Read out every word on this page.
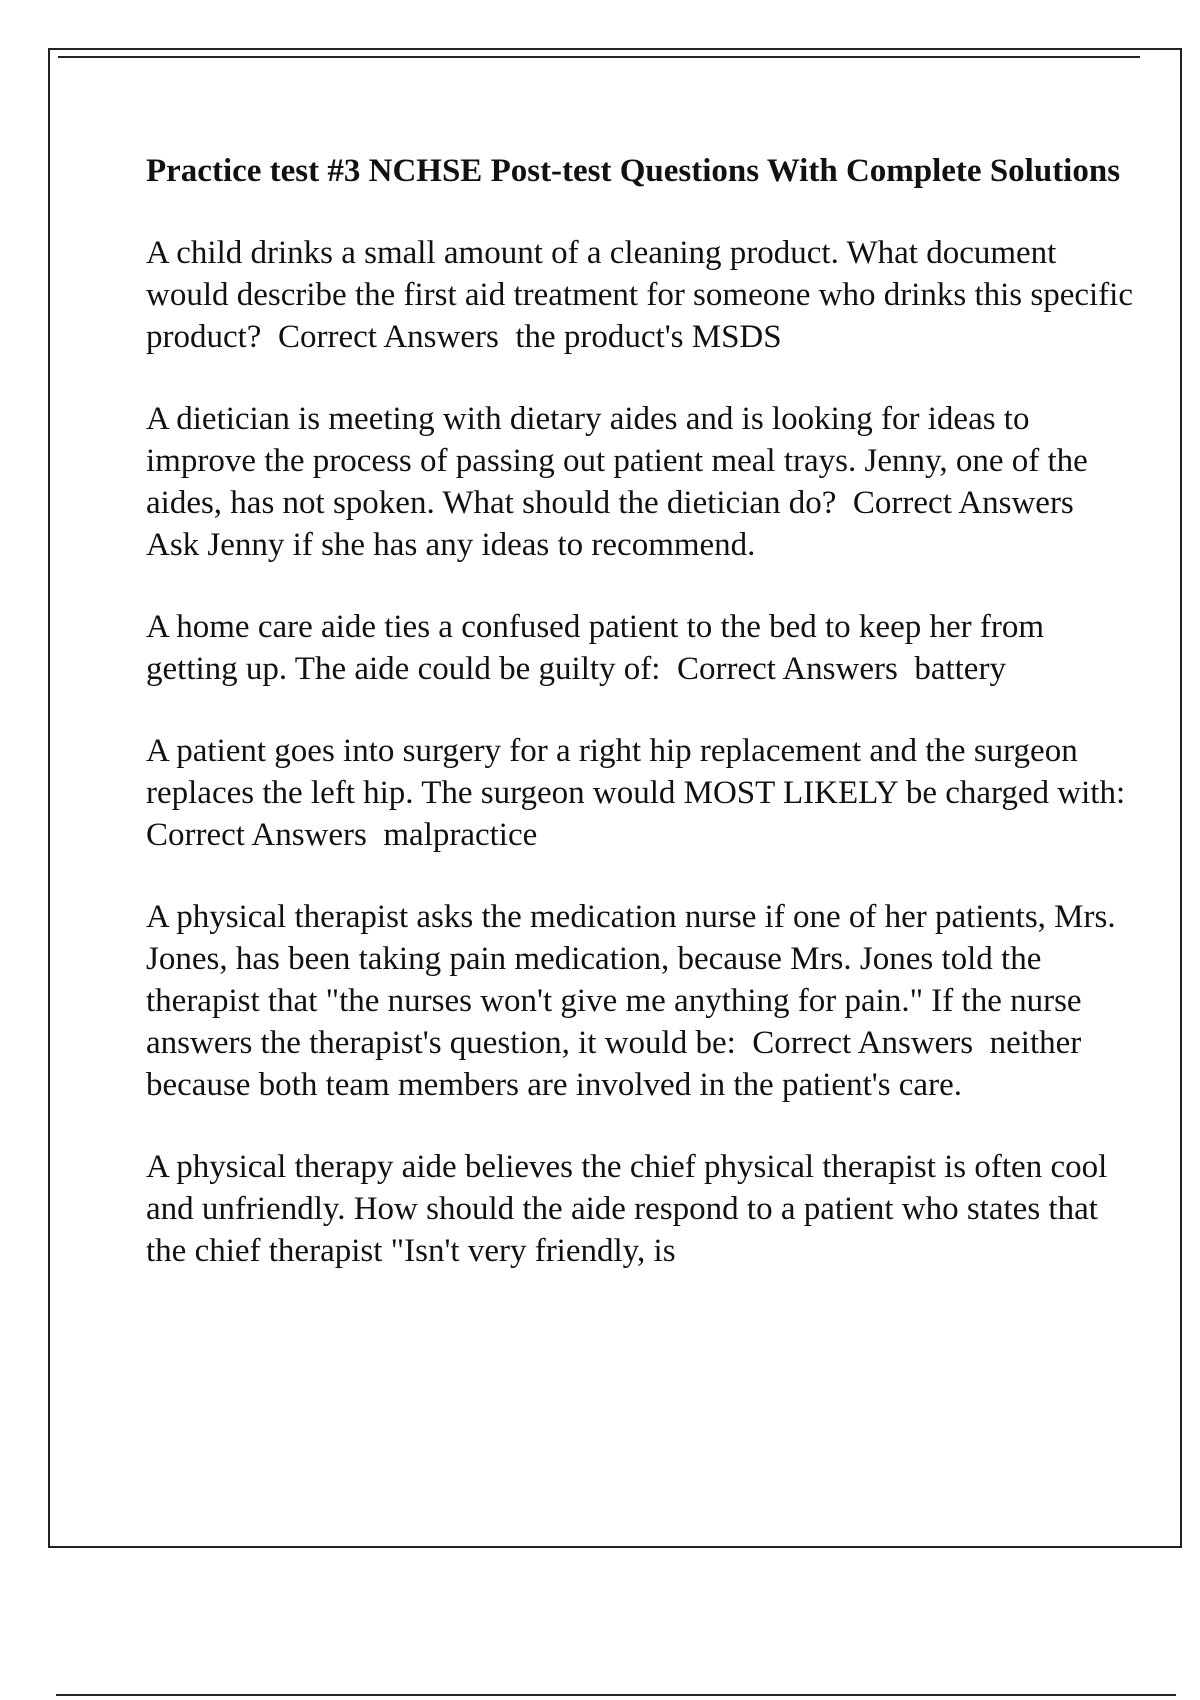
Practice test #3 NCHSE Post-test Questions With Complete Solutions

A child drinks a small amount of a cleaning product. What document would describe the first aid treatment for someone who drinks this specific product? Correct Answers the product's MSDS

A dietician is meeting with dietary aides and is looking for ideas to improve the process of passing out patient meal trays. Jenny, one of the aides, has not spoken. What should the dietician do? Correct Answers  Ask Jenny if she has any ideas to recommend.

A home care aide ties a confused patient to the bed to keep her from getting up. The aide could be guilty of: Correct Answers battery

A patient goes into surgery for a right hip replacement and the surgeon replaces the left hip. The surgeon would MOST LIKELY be charged with:  Correct Answers malpractice

A physical therapist asks the medication nurse if one of her patients, Mrs. Jones, has been taking pain medication, because Mrs. Jones told the therapist that "the nurses won't give me anything for pain." If the nurse answers the therapist's question, it would be: Correct Answers neither because both team members are involved in the patient's care.

A physical therapy aide believes the chief physical therapist is often cool and unfriendly. How should the aide respond to a patient who states that the chief therapist "Isn't very friendly, is
